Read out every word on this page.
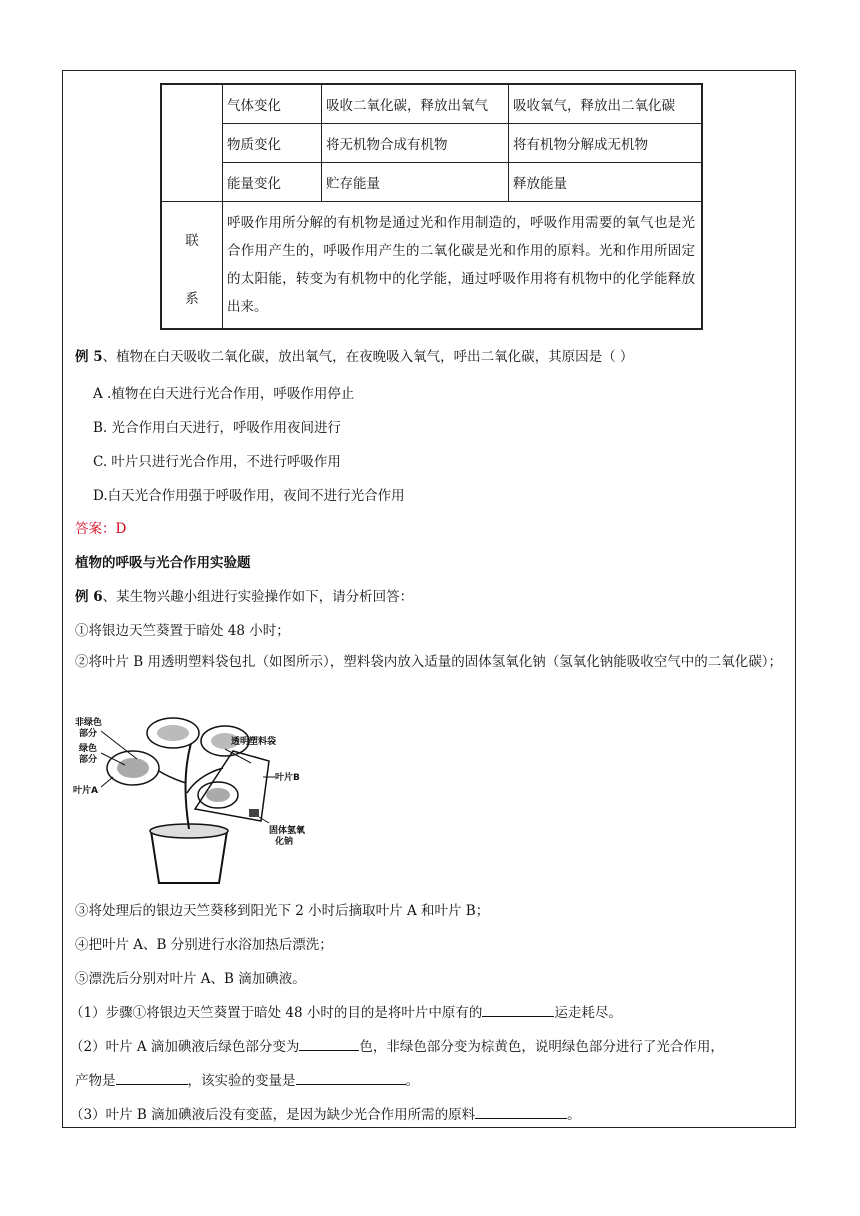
	气体变化	吸收二氧化碳，释放出氧气	吸收氧气，释放出二氧化碳
	物质变化	将无机物合成有机物	将有机物分解成无机物
	能量变化	贮存能量	释放能量

联
系	呼吸作用所分解的有机物是通过光和作用制造的，呼吸作用需要的氧气也是光合作用产生的，呼吸作用产生的二氧化碳是光和作用的原料。光和作用所固定的太阳能，转变为有机物中的化学能，通过呼吸作用将有机物中的化学能释放出来。		
例 5、植物在白天吸收二氧化碳，放出氧气，在夜晚吸入氧气，呼出二氧化碳，其原因是（ ）
A .植物在白天进行光合作用，呼吸作用停止
B. 光合作用白天进行，呼吸作用夜间进行
C. 叶片只进行光合作用，不进行呼吸作用
D.白天光合作用强于呼吸作用，夜间不进行光合作用
答案：D
植物的呼吸与光合作用实验题
例 6、某生物兴趣小组进行实验操作如下，请分析回答：
①将银边天竺葵置于暗处 48 小时；
②将叶片 B 用透明塑料袋包扎（如图所示），塑料袋内放入适量的固体氢氧化钠（氢氧化钠能吸收空气中的二氧化碳）；
非绿色
部分
绿色
部分
叶片A
透明塑料袋
叶片B
固体氢氧
化钠
③将处理后的银边天竺葵移到阳光下 2 小时后摘取叶片 A 和叶片 B；
④把叶片 A、B 分别进行水浴加热后漂洗；
⑤漂洗后分别对叶片 A、B 滴加碘液。
（1）步骤①将银边天竺葵置于暗处 48 小时的目的是将叶片中原有的	运走耗尽。
（2）叶片 A 滴加碘液后绿色部分变为	色，非绿色部分变为棕黄色，说明绿色部分进行了光合作用，
产物是	，该实验的变量是	。
（3）叶片 B 滴加碘液后没有变蓝，是因为缺少光合作用所需的原料	。
